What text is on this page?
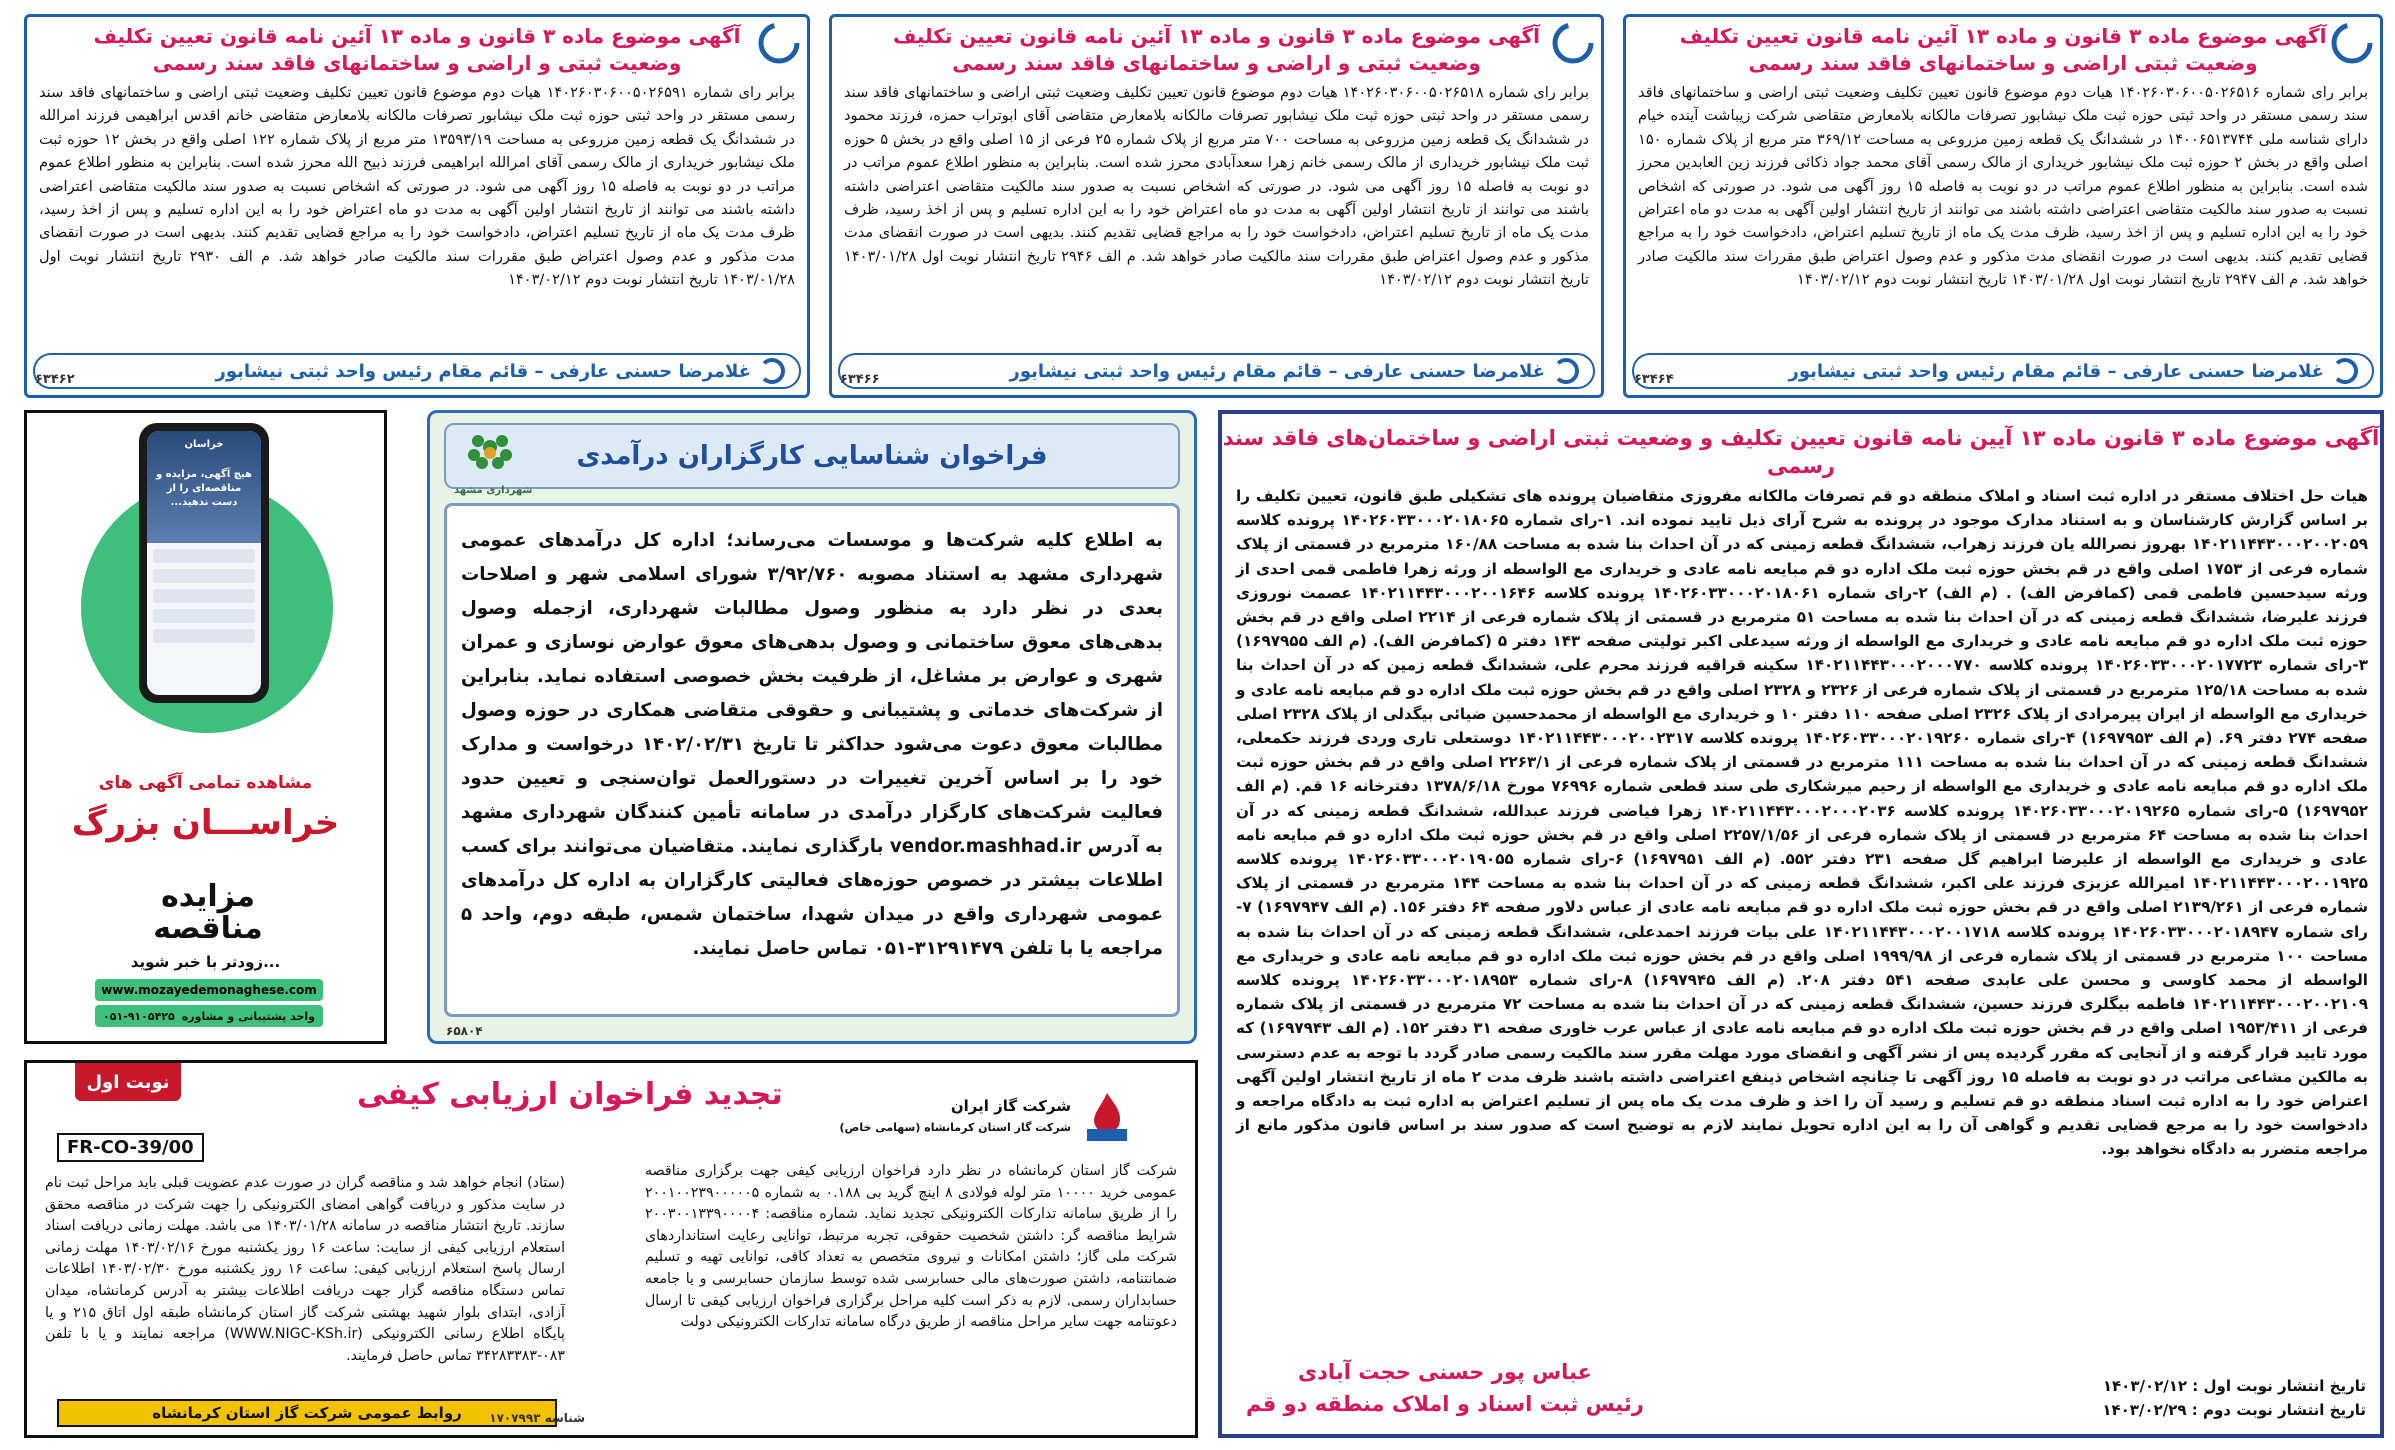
آگهی موضوع ماده ۳ قانون و ماده ۱۳ آئین نامه قانون تعیین تکلیف وضعیت ثبتی اراضی و ساختمانهای فاقد سند رسمی
برابر رای شماره ۱۴۰۲۶۰۳۰۶۰۰۵۰۲۶۵۱۶ هیات دوم موضوع قانون تعیین تکلیف وضعیت ثبتی اراضی و ساختمانهای فاقد سند رسمی مستقر در واحد ثبتی حوزه ثبت ملک نیشابور تصرفات مالکانه بلامعارض متقاضی شرکت زیباشت آینده خیام دارای شناسه ملی ۱۴۰۰۶۵۱۳۷۴۴ در ششدانگ یک قطعه زمین مزروعی به مساحت ۳۶۹/۱۲ متر مربع از پلاک شماره ۱۵۰ اصلی واقع در بخش ۲ حوزه ثبت ملک نیشابور خریداری از مالک رسمی آقای محمد جواد ذکائی فرزند زین العابدین محرز شده است. بنابراین به منظور اطلاع عموم مراتب در دو نوبت به فاصله ۱۵ روز آگهی می شود. در صورتی که اشخاص نسبت به صدور سند مالکیت متقاضی اعتراضی داشته باشند می توانند از تاریخ انتشار اولین آگهی به مدت دو ماه اعتراض خود را به این اداره تسلیم و پس از اخذ رسید، ظرف مدت یک ماه از تاریخ تسلیم اعتراض، دادخواست خود را به مراجع قضایی تقدیم کنند. بدیهی است در صورت انقضای مدت مذکور و عدم وصول اعتراض طبق مقررات سند مالکیت صادر خواهد شد. م الف ۲۹۴۷ تاریخ انتشار نوبت اول ۱۴۰۳/۰۱/۲۸ تاریخ انتشار نوبت دوم ۱۴۰۳/۰۲/۱۲
غلامرضا حسنی عارفی – قائم مقام رئیس واحد ثبتی نیشابور
۶۳۴۶۴
آگهی موضوع ماده ۳ قانون و ماده ۱۳ آئین نامه قانون تعیین تکلیف وضعیت ثبتی و اراضی و ساختمانهای فاقد سند رسمی
برابر رای شماره ۱۴۰۲۶۰۳۰۶۰۰۵۰۲۶۵۱۸ هیات دوم موضوع قانون تعیین تکلیف وضعیت ثبتی اراضی و ساختمانهای فاقد سند رسمی مستقر در واحد ثبتی حوزه ثبت ملک نیشابور تصرفات مالکانه بلامعارض متقاضی آقای ابوتراب حمزه، فرزند محمود در ششدانگ یک قطعه زمین مزروعی به مساحت ۷۰۰ متر مربع از پلاک شماره ۲۵ فرعی از ۱۵ اصلی واقع در بخش ۵ حوزه ثبت ملک نیشابور خریداری از مالک رسمی خانم زهرا سعدآبادی محرز شده است. بنابراین به منظور اطلاع عموم مراتب در دو نوبت به فاصله ۱۵ روز آگهی می شود. در صورتی که اشخاص نسبت به صدور سند مالکیت متقاضی اعتراضی داشته باشند می توانند از تاریخ انتشار اولین آگهی به مدت دو ماه اعتراض خود را به این اداره تسلیم و پس از اخذ رسید، ظرف مدت یک ماه از تاریخ تسلیم اعتراض، دادخواست خود را به مراجع قضایی تقدیم کنند. بدیهی است در صورت انقضای مدت مذکور و عدم وصول اعتراض طبق مقررات سند مالکیت صادر خواهد شد. م الف ۲۹۴۶ تاریخ انتشار نوبت اول ۱۴۰۳/۰۱/۲۸ تاریخ انتشار نوبت دوم ۱۴۰۳/۰۲/۱۲
غلامرضا حسنی عارفی – قائم مقام رئیس واحد ثبتی نیشابور
۶۳۴۶۶
آگهی موضوع ماده ۳ قانون و ماده ۱۳ آئین نامه قانون تعیین تکلیف وضعیت ثبتی و اراضی و ساختمانهای فاقد سند رسمی
برابر رای شماره ۱۴۰۲۶۰۳۰۶۰۰۵۰۲۶۵۹۱ هیات دوم موضوع قانون تعیین تکلیف وضعیت ثبتی اراضی و ساختمانهای فاقد سند رسمی مستقر در واحد ثبتی حوزه ثبت ملک نیشابور تصرفات مالکانه بلامعارض متقاضی خانم اقدس ابراهیمی فرزند امرالله در ششدانگ یک قطعه زمین مزروعی به مساحت ۱۳۵۹۳/۱۹ متر مربع از پلاک شماره ۱۲۲ اصلی واقع در بخش ۱۲ حوزه ثبت ملک نیشابور خریداری از مالک رسمی آقای امرالله ابراهیمی فرزند ذبیح الله محرز شده است. بنابراین به منظور اطلاع عموم مراتب در دو نوبت به فاصله ۱۵ روز آگهی می شود. در صورتی که اشخاص نسبت به صدور سند مالکیت متقاضی اعتراضی داشته باشند می توانند از تاریخ انتشار اولین آگهی به مدت دو ماه اعتراض خود را به این اداره تسلیم و پس از اخذ رسید، ظرف مدت یک ماه از تاریخ تسلیم اعتراض، دادخواست خود را به مراجع قضایی تقدیم کنند. بدیهی است در صورت انقضای مدت مذکور و عدم وصول اعتراض طبق مقررات سند مالکیت صادر خواهد شد. م الف ۲۹۳۰ تاریخ انتشار نوبت اول ۱۴۰۳/۰۱/۲۸ تاریخ انتشار نوبت دوم ۱۴۰۳/۰۲/۱۲
غلامرضا حسنی عارفی – قائم مقام رئیس واحد ثبتی نیشابور
۶۳۴۶۲
آگهی موضوع ماده ۳ قانون ماده ۱۳ آیین نامه قانون تعیین تکلیف و وضعیت ثبتی اراضی و ساختمان‌های فاقد سند رسمی
هیات حل اختلاف مستقر در اداره ثبت اسناد و املاک منطقه دو قم تصرفات مالکانه مفروزی متقاضیان پرونده های تشکیلی طبق قانون، تعیین تکلیف را بر اساس گزارش کارشناسان و به استناد مدارک موجود در پرونده به شرح آرای ذیل تایید نموده اند. ۱-رای شماره ۱۴۰۲۶۰۳۳۰۰۰۲۰۱۸۰۶۵ پرونده کلاسه ۱۴۰۲۱۱۴۴۳۰۰۰۲۰۰۲۰۵۹ بهروز نصرالله یان فرزند زهراب، ششدانگ قطعه زمینی که در آن احداث بنا شده به مساحت ۱۶۰/۸۸ مترمربع در قسمتی از پلاک شماره فرعی از ۱۷۵۳ اصلی واقع در قم بخش حوزه ثبت ملک اداره دو قم مبایعه نامه عادی و خریداری مع الواسطه از ورثه زهرا فاطمی قمی احدی از ورثه سیدحسین فاطمی قمی (کمافرض الف) . (م الف) ۲-رای شماره ۱۴۰۲۶۰۳۳۰۰۰۲۰۱۸۰۶۱ پرونده کلاسه ۱۴۰۲۱۱۴۴۳۰۰۰۲۰۰۱۶۴۶ عصمت نوروزی فرزند علیرضا، ششدانگ قطعه زمینی که در آن احداث بنا شده به مساحت ۵۱ مترمربع در قسمتی از پلاک شماره فرعی از ۲۲۱۴ اصلی واقع در قم بخش حوزه ثبت ملک اداره دو قم مبایعه نامه عادی و خریداری مع الواسطه از ورثه سیدعلی اکبر تولیتی صفحه ۱۴۳ دفتر ۵ (کمافرض الف). (م الف ۱۶۹۷۹۵۵) ۳-رای شماره ۱۴۰۲۶۰۳۳۰۰۰۲۰۱۷۷۲۳ پرونده کلاسه ۱۴۰۲۱۱۴۴۳۰۰۰۲۰۰۰۷۷۰ سکینه قراقیه فرزند محرم علی، ششدانگ قطعه زمین که در آن احداث بنا شده به مساحت ۱۲۵/۱۸ مترمربع در قسمتی از پلاک شماره فرعی از ۲۳۲۶ و ۲۳۲۸ اصلی واقع در قم بخش حوزه ثبت ملک اداره دو قم مبایعه نامه عادی و خریداری مع الواسطه از ایران پیرمرادی از پلاک ۲۳۲۶ اصلی صفحه ۱۱۰ دفتر ۱۰ و خریداری مع الواسطه از محمدحسین ضیائی بیگدلی از پلاک ۲۳۲۸ اصلی صفحه ۲۷۴ دفتر ۶۹. (م الف ۱۶۹۷۹۵۳) ۴-رای شماره ۱۴۰۲۶۰۳۳۰۰۰۲۰۱۹۲۶۰ پرونده کلاسه ۱۴۰۲۱۱۴۴۳۰۰۰۲۰۰۲۳۱۷ دوستعلی تاری وردی فرزند حکمعلی، ششدانگ قطعه زمینی که در آن احداث بنا شده به مساحت ۱۱۱ مترمربع در قسمتی از پلاک شماره فرعی از ۲۲۶۳/۱ اصلی واقع در قم بخش حوزه ثبت ملک اداره دو قم مبایعه نامه عادی و خریداری مع الواسطه از رحیم میرشکاری طی سند قطعی شماره ۷۶۹۹۶ مورخ ۱۳۷۸/۶/۱۸ دفترخانه ۱۶ قم. (م الف ۱۶۹۷۹۵۲) ۵-رای شماره ۱۴۰۲۶۰۳۳۰۰۰۲۰۱۹۲۶۵ پرونده کلاسه ۱۴۰۲۱۱۴۴۳۰۰۰۲۰۰۰۲۰۳۶ زهرا فیاضی فرزند عبدالله، ششدانگ قطعه زمینی که در آن احداث بنا شده به مساحت ۶۴ مترمربع در قسمتی از پلاک شماره فرعی از ۲۲۵۷/۱/۵۶ اصلی واقع در قم بخش حوزه ثبت ملک اداره دو قم مبایعه نامه عادی و خریداری مع الواسطه از علیرضا ابراهیم گل صفحه ۲۳۱ دفتر ۵۵۲. (م الف ۱۶۹۷۹۵۱) ۶-رای شماره ۱۴۰۲۶۰۳۳۰۰۰۲۰۱۹۰۵۵ پرونده کلاسه ۱۴۰۲۱۱۴۴۳۰۰۰۲۰۰۱۹۲۵ امیرالله عزیزی فرزند علی اکبر، ششدانگ قطعه زمینی که در آن احداث بنا شده به مساحت ۱۴۴ مترمربع در قسمتی از پلاک شماره فرعی از ۲۱۳۹/۲۶۱ اصلی واقع در قم بخش حوزه ثبت ملک اداره دو قم مبایعه نامه عادی از عباس دلاور صفحه ۶۴ دفتر ۱۵۶. (م الف ۱۶۹۷۹۴۷) ۷-رای شماره ۱۴۰۲۶۰۳۳۰۰۰۲۰۱۸۹۴۷ پرونده کلاسه ۱۴۰۲۱۱۴۴۳۰۰۰۲۰۰۱۷۱۸ علی بیات فرزند احمدعلی، ششدانگ قطعه زمینی که در آن احداث بنا شده به مساحت ۱۰۰ مترمربع در قسمتی از پلاک شماره فرعی از ۱۹۹۹/۹۸ اصلی واقع در قم بخش حوزه ثبت ملک اداره دو قم مبایعه نامه عادی و خریداری مع الواسطه از محمد کاوسی و محسن علی عابدی صفحه ۵۴۱ دفتر ۲۰۸. (م الف ۱۶۹۷۹۴۵) ۸-رای شماره ۱۴۰۲۶۰۳۳۰۰۰۲۰۱۸۹۵۳ پرونده کلاسه ۱۴۰۲۱۱۴۴۳۰۰۰۲۰۰۲۱۰۹ فاطمه بیگلری فرزند حسین، ششدانگ قطعه زمینی که در آن احداث بنا شده به مساحت ۷۲ مترمربع در قسمتی از پلاک شماره فرعی از ۱۹۵۳/۴۱۱ اصلی واقع در قم بخش حوزه ثبت ملک اداره دو قم مبایعه نامه عادی از عباس عرب خاوری صفحه ۳۱ دفتر ۱۵۲. (م الف ۱۶۹۷۹۴۳) که مورد تایید قرار گرفته و از آنجایی که مقرر گردیده پس از نشر آگهی و انقضای مورد مهلت مقرر سند مالکیت رسمی صادر گردد با توجه به عدم دسترسی به مالکین مشاعی مراتب در دو نوبت به فاصله ۱۵ روز آگهی تا چنانچه اشخاص ذینفع اعتراضی داشته باشند ظرف مدت ۲ ماه از تاریخ انتشار اولین آگهی اعتراض خود را به اداره ثبت اسناد منطقه دو قم تسلیم و رسید آن را اخذ و ظرف مدت یک ماه پس از تسلیم اعتراض به اداره ثبت به دادگاه مراجعه و دادخواست خود را به مرجع قضایی تقدیم و گواهی آن را به این اداره تحویل نمایند لازم به توضیح است که صدور سند بر اساس قانون مذکور مانع از مراجعه متضرر به دادگاه نخواهد بود.
تاریخ انتشار نوبت اول : ۱۴۰۳/۰۲/۱۲
تاریخ انتشار نوبت دوم : ۱۴۰۳/۰۲/۲۹
عباس پور حسنی حجت آبادی
رئیس ثبت اسناد و املاک منطقه دو قم
فراخوان شناسایی کارگزاران درآمدی
شهرداری مشهد
به اطلاع کلیه شرکت‌ها و موسسات می‌رساند؛ اداره کل درآمدهای عمومی شهرداری مشهد به استناد مصوبه ۳/۹۲/۷۶۰ شورای اسلامی شهر و اصلاحات بعدی در نظر دارد به منظور وصول مطالبات شهرداری، ازجمله وصول بدهی‌های معوق ساختمانی و وصول بدهی‌های معوق عوارض نوسازی و عمران شهری و عوارض بر مشاغل، از ظرفیت بخش خصوصی استفاده نماید. بنابراین از شرکت‌های خدماتی و پشتیبانی و حقوقی متقاضی همکاری در حوزه وصول مطالبات معوق دعوت می‌شود حداکثر تا تاریخ ۱۴۰۲/۰۲/۳۱ درخواست و مدارک خود را بر اساس آخرین تغییرات در دستورالعمل توان‌سنجی و تعیین حدود فعالیت شرکت‌های کارگزار درآمدی در سامانه تأمین کنندگان شهرداری مشهد به آدرس vendor.mashhad.ir بارگذاری نمایند. متقاضیان می‌توانند برای کسب اطلاعات بیشتر در خصوص حوزه‌های فعالیتی کارگزاران به اداره کل درآمدهای عمومی شهرداری واقع در میدان شهدا، ساختمان شمس، طبقه دوم، واحد ۵ مراجعه یا با تلفن ۳۱۲۹۱۴۷۹-۰۵۱ تماس حاصل نمایند.
۶۵۸۰۴
خراسان
هیچ آگهی، مزایده و مناقصه‌ای را از دست ندهید...
مشاهده تمامی آگهی های
خراســـان بزرگ
مزایده
مناقصه
زودتر با خبر شوید...
www.mozayedemonaghese.com
واحد پشتیبانی و مشاوره
۰۵۱-۹۱۰۵۴۲۵
نوبت اول
FR-CO-39/00
تجدید فراخوان ارزیابی کیفی	شرکت گاز ایران
شرکت گاز استان کرمانشاه (سهامی خاص)
شرکت گاز استان کرمانشاه در نظر دارد فراخوان ارزیابی کیفی جهت برگزاری مناقصه عمومی خرید ۱۰۰۰۰ متر لوله فولادی ۸ اینچ گرید بی ۰.۱۸۸ به شماره ۲۰۰۱۰۰۲۳۹۰۰۰۰۰۵ را از طریق سامانه تدارکات الکترونیکی تجدید نماید. شماره مناقصه: ۲۰۰۳۰۰۱۳۳۹۰۰۰۰۴ شرایط مناقصه گر: داشتن شخصیت حقوقی، تجربه مرتبط، توانایی رعایت استانداردهای شرکت ملی گاز؛ داشتن امکانات و نیروی متخصص به تعداد کافی، توانایی تهیه و تسلیم ضمانتنامه، داشتن صورت‌های مالی حسابرسی شده توسط سازمان حسابرسی و یا جامعه حسابداران رسمی. لازم به ذکر است کلیه مراحل برگزاری فراخوان ارزیابی کیفی تا ارسال دعوتنامه جهت سایر مراحل مناقصه از طریق درگاه سامانه تدارکات الکترونیکی دولت
(ستاد) انجام خواهد شد و مناقصه گران در صورت عدم عضویت قبلی باید مراحل ثبت نام در سایت مذکور و دریافت گواهی امضای الکترونیکی را جهت شرکت در مناقصه محقق سازند. تاریخ انتشار مناقصه در سامانه ۱۴۰۳/۰۱/۲۸ می باشد. مهلت زمانی دریافت اسناد استعلام ارزیابی کیفی از سایت: ساعت ۱۶ روز یکشنبه مورخ ۱۴۰۳/۰۲/۱۶ مهلت زمانی ارسال پاسخ استعلام ارزیابی کیفی: ساعت ۱۶ روز یکشنبه مورخ ۱۴۰۳/۰۲/۳۰ اطلاعات تماس دستگاه مناقصه گزار جهت دریافت اطلاعات بیشتر به آدرس کرمانشاه، میدان آزادی، ابتدای بلوار شهید بهشتی شرکت گاز استان کرمانشاه طبقه اول اتاق ۲۱۵ و یا پایگاه اطلاع رسانی الکترونیکی (WWW.NIGC-KSh.ir) مراجعه نمایند و یا با تلفن ۰۸۳-۳۴۲۸۳۳۸۳ تماس حاصل فرمایند.
روابط عمومی شرکت گاز استان کرمانشاه	شناسه ۱۷۰۷۹۹۳
